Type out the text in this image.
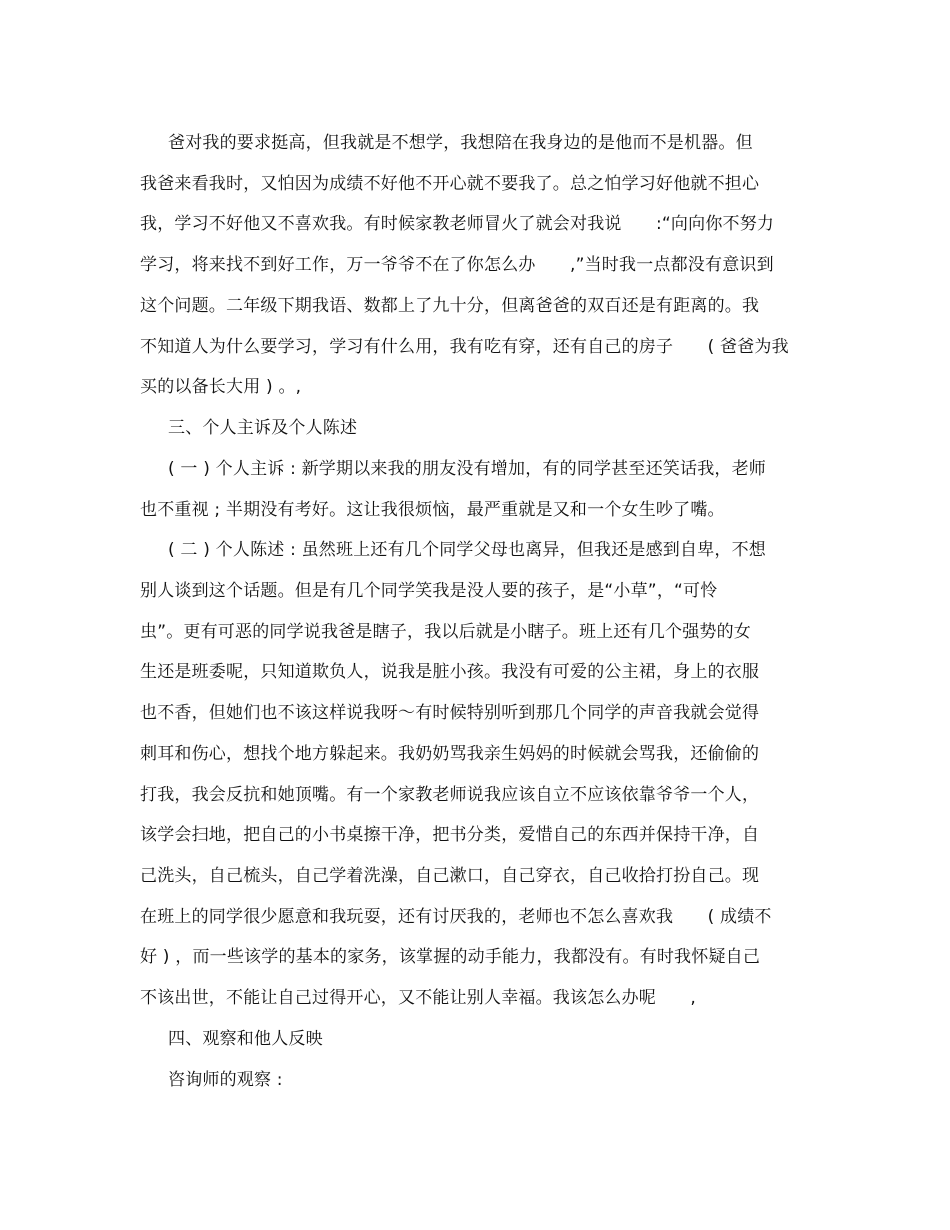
爸对我的要求挺高，但我就是不想学，我想陪在我身边的是他而不是机器。但
我爸来看我时，又怕因为成绩不好他不开心就不要我了。总之怕学习好他就不担心
我，学习不好他又不喜欢我。有时候家教老师冒火了就会对我说　　:“向向你不努力
学习，将来找不到好工作，万一爷爷不在了你怎么办　　,”当时我一点都没有意识到
这个问题。二年级下期我语、数都上了九十分，但离爸爸的双百还是有距离的。我
不知道人为什么要学习，学习有什么用，我有吃有穿，还有自己的房子　　( 爸爸为我
买的以备长大用 ) 。,
三、个人主诉及个人陈述
( 一 ) 个人主诉 : 新学期以来我的朋友没有增加，有的同学甚至还笑话我，老师
也不重视 ; 半期没有考好。这让我很烦恼，最严重就是又和一个女生吵了嘴。
( 二 ) 个人陈述 : 虽然班上还有几个同学父母也离异，但我还是感到自卑，不想
别人谈到这个话题。但是有几个同学笑我是没人要的孩子，是“小草”，“可怜
虫”。更有可恶的同学说我爸是瞎子，我以后就是小瞎子。班上还有几个强势的女
生还是班委呢，只知道欺负人，说我是脏小孩。我没有可爱的公主裙，身上的衣服
也不香，但她们也不该这样说我呀～有时候特别听到那几个同学的声音我就会觉得
刺耳和伤心，想找个地方躲起来。我奶奶骂我亲生妈妈的时候就会骂我，还偷偷的
打我，我会反抗和她顶嘴。有一个家教老师说我应该自立不应该依靠爷爷一个人，
该学会扫地，把自己的小书桌擦干净，把书分类，爱惜自己的东西并保持干净，自
己洗头，自己梳头，自己学着洗澡，自己漱口，自己穿衣，自己收拾打扮自己。现
在班上的同学很少愿意和我玩耍，还有讨厌我的，老师也不怎么喜欢我　　( 成绩不
好 ) ，而一些该学的基本的家务，该掌握的动手能力，我都没有。有时我怀疑自己
不该出世，不能让自己过得开心，又不能让别人幸福。我该怎么办呢　　,
四、观察和他人反映
咨询师的观察 :
